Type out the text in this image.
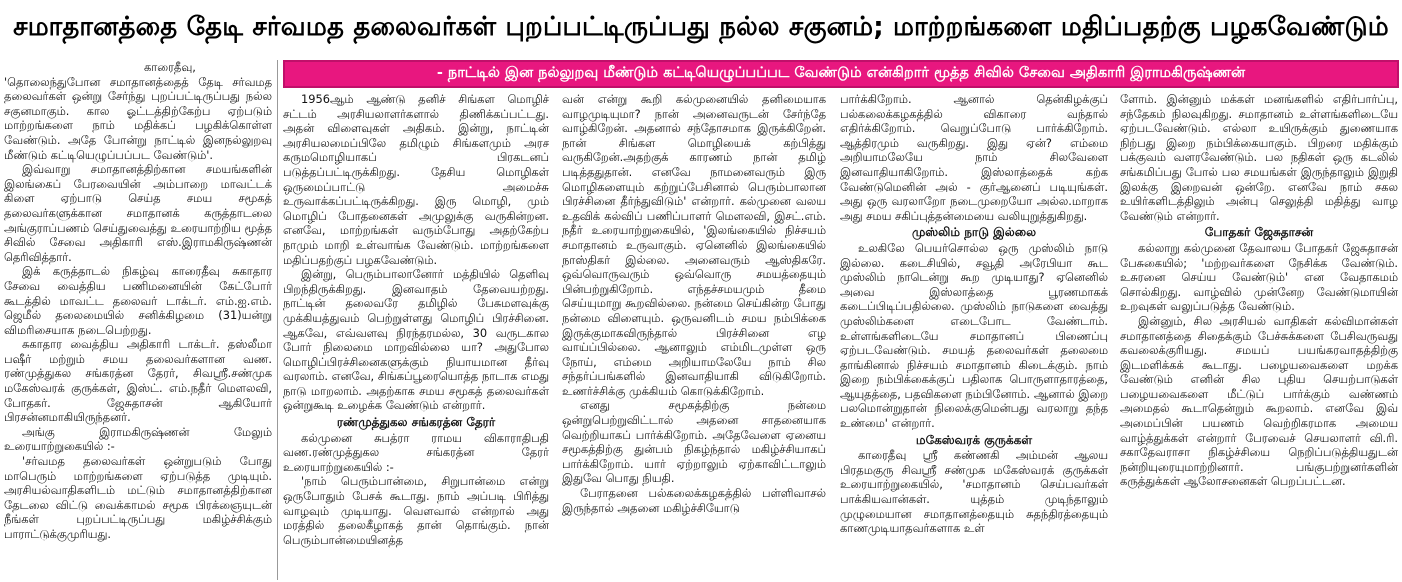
சமாதானத்தை தேடி சர்வமத தலைவர்கள் புறப்பட்டிருப்பது நல்ல சகுனம்; மாற்றங்களை மதிப்பதற்கு பழகவேண்டும்
- நாட்டில் இன நல்லுறவு மீண்டும் கட்டியெழுப்பப்பட வேண்டும் என்கிறார் மூத்த சிவில் சேவை அதிகாரி இராமகிருஷ்ணன்

காரைதீவு,

'தொலைந்துபோன சமாதானத்தைத் தேடி சர்வமத தலைவர்கள் ஒன்று சேர்ந்து புறப்பட்டிருப்பது நல்ல சகுனமாகும். கால ஓட்டத்திற்கேற்ப ஏற்படும் மாற்றங்களை நாம் மதிக்கப் பழகிக்கொள்ள வேண்டும். அதே போன்று நாட்டில் இனநல்லுறவு மீண்டும் கட்டியெழுப்பப்பட வேண்டும்'.

இவ்வாறு சமாதானத்திற்கான சமயங்களின் இலங்கைப் பேரவையின் அம்பாறை மாவட்டக் கிளை ஏற்பாடு செய்த சமய சமூகத் தலைவர்களுக்கான சமாதானக் கருத்தாடலை அங்குராப்பணம் செய்துவைத்து உரையாற்றிய மூத்த சிவில் சேவை அதிகாரி எஸ்.இராமகிருஷ்ணன் தெரிவித்தார்.

இக் கருத்தாடல் நிகழ்வு காரைதீவு சுகாதார சேவை வைத்திய பணிமனையின் கேட்போர் கூடத்தில் மாவட்ட தலைவர் டாக்டர். எம்.ஐ.எம். ஜெமீல் தலைமையில் சனிக்கிழமை (31)யன்று விமரிசையாக நடைபெற்றது.

சுகாதார வைத்திய அதிகாரி டாக்டர். தஸ்லீமா பஷீர் மற்றும் சமய தலைவர்களான வண. ரண்முத்துகல சங்கரத்ன தேரர், சிவஸ்ரீ.சண்முக மகேஸ்வரக் குருக்கள், இஸ்ட். எம்.நதீர் மௌலவி, போதகர். ஜேசுதாசன் ஆகியோர் பிரசன்னமாகியிருந்தனர்.

அங்கு இராமகிருஷ்ணன் மேலும் உரையாற்றுகையில் :-

'சர்வமத தலைவர்கள் ஒன்றுபடும் போது மாபெரும் மாற்றங்களை ஏற்படுத்த முடியும். அரசியல்வாதிகளிடம் மட்டும் சமாதானத்திற்கான தேடலை விட்டு வைக்காமல் சமூக பிரக்ஞையுடன் நீங்கள் புறப்பட்டிருப்பது மகிழ்ச்சிக்கும் பாராட்டுக்குமுரியது.

1956ஆம் ஆண்டு தனிச் சிங்கள மொழிச் சட்டம் அரசியலாளர்களால் திணிக்கப்பட்டது. அதன் விளைவுகள் அதிகம். இன்று, நாட்டின் அரசியலமைப்பிலே தமிழும் சிங்களமும் அரச கருமமொழியாகப் பிரகடனப் படுத்தப்பட்டிருக்கிறது. தேசிய மொழிகள் ஒருமைப்பாட்டு அமைச்சு உருவாக்கப்பட்டிருக்கிறது. இரு மொழி, மும் மொழிப் போதனைகள் அமுலுக்கு வருகின்றன. எனவே, மாற்றங்கள் வரும்போது அதற்கேற்ப நாமும் மாறி உள்வாங்க வேண்டும். மாற்றங்களை மதிப்பதற்குப் பழகவேண்டும்.

இன்று, பெரும்பாலானோர் மத்தியில் தெளிவு பிறந்திருக்கிறது. இனவாதம் தேவையற்றது. நாட்டின் தலைவரே தமிழில் பேசுமளவுக்கு முக்கியத்துவம் பெற்றுள்ளது மொழிப் பிரச்சினை. ஆகவே, எவ்வளவு நிரந்தரமல்ல, 30 வருடகால போர் நிலைமை மாறவில்லை யா? அதுபோல மொழிப்பிரச்சினைகளுக்கும் நியாயமான தீர்வு வரலாம். எனவே, சிங்கப்பூரையொத்த நாடாக எமது நாடு மாறலாம். அதற்காக சமய சமூகத் தலைவர்கள் ஒன்றுகூடி உழைக்க வேண்டும் என்றார்.

ரண்முத்துகல சங்கரத்ன தேரர்

கல்முனை சுபத்ரா ராமய விகாராதிபதி வண.ரண்முத்துகல சங்கரத்ன தேரர் உரையாற்றுகையில் :-

'நாம் பெரும்பான்மை, சிறுபான்மை என்று ஒருபோதும் பேசக் கூடாது. நாம் அப்படி பிரித்து வாழவும் முடியாது. வெளவால் என்றால் அது மரத்தில் தலைகீழாகத் தான் தொங்கும். நான் பெரும்பான்மையினத்த

வன் என்று கூறி கல்முனையில் தனிமையாக வாழமுடியுமா? நான் அனைவருடன் சேர்ந்தே வாழ்கிறேன். அதனால் சந்தோசமாக இருக்கிறேன். நான் சிங்கள மொழியைக் கற்பித்து வருகிறேன்.அதற்குக் காரணம் நான் தமிழ் படித்ததுதான். எனவே நாமனைவரும் இரு மொழிகளையும் கற்றுப்பேசினால் பெரும்பாலான பிரச்சினை தீர்ந்துவிடும்' என்றார். கல்முனை வலய உதவிக் கல்விப் பணிப்பாளர் மௌலவி, இசட்.எம். நதீர் உரையாற்றுகையில், 'இலங்கையில் நிச்சயம் சமாதானம் உருவாகும். ஏனெனில் இலங்கையில் நாஸ்திகர் இல்லை. அனைவரும் ஆஸ்திகரே. ஒவ்வொருவரும் ஒவ்வொரு சமயத்தையும் பின்பற்றுகிறோம். எந்தச்சமயமும் தீமை செய்யுமாறு கூறவில்லை. நன்மை செய்கின்ற போது நன்மை விளையும். ஒருவனிடம் சமய நம்பிக்கை இருக்குமாகவிருந்தால் பிரச்சினை எழ வாய்ப்பில்லை. ஆனாலும் எம்மிடமுள்ள ஒரு நோய், எம்மை அறியாமலேயே நாம் சில சந்தர்ப்பங்களில் இனவாதியாகி விடுகிறோம். உணர்ச்சிக்கு முக்கியம் கொடுக்கிறோம்.

எனது சமூகத்திற்கு நன்மை ஒன்றுபெற்றுவிட்டால் அதனை சாதனையாக வெற்றியாகப் பார்க்கிறோம். அதேவேளை ஏனைய சமூகத்திற்கு துன்பம் நிகழ்ந்தால் மகிழ்ச்சியாகப் பார்க்கிறோம். யார் ஏற்றாலும் ஏற்காவிட்டாலும் இதுவே பொது நியதி.

பேராதனை பல்கலைக்கழகத்தில் பள்ளிவாசல் இருந்தால் அதனை மகிழ்ச்சியோடு

பார்க்கிறோம். ஆனால் தென்கிழக்குப் பல்கலைக்கழகத்தில் விகாரை வந்தால் எதிர்க்கிறோம். வெறுப்போடு பார்க்கிறோம். ஆத்திரமும் வருகிறது. இது ஏன்? எம்மை அறியாமலேயே நாம் சிலவேளை இனவாதியாகிறோம். இஸ்லாத்தைக் கற்க வேண்டுமெனின் அல் - குர்ஆனைப் படியுங்கள். அது ஒரு வரலாறோ நடைமுறையோ அல்ல.மாறாக அது சமய சகிப்புத்தன்மையை வலியுறுத்துகிறது.

முஸ்லிம் நாடு இல்லை

உலகிலே பெயர்சொல்ல ஒரு முஸ்லிம் நாடு இல்லை. கடைசியில், சவூதி அரேபியா கூட முஸ்லிம் நாடென்று கூற முடியாது? ஏனெனில் அவை இஸ்லாத்தை பூரணமாகக் கடைப்பிடிப்பதில்லை. முஸ்லிம் நாடுகளை வைத்து முஸ்லிம்களை எடைபோட வேண்டாம். உள்ளங்களிடையே சமாதானப் பிணைப்பு ஏற்படவேண்டும். சமயத் தலைவர்கள் தலைமை தாங்கினால் நிச்சயம் சமாதானம் கிடைக்கும். நாம் இறை நம்பிக்கைக்குப் பதிலாக பொருளாதாரத்தை, ஆயுதத்தை, பதவிகளை நம்பினோம். ஆனால் இறை பலமொன்றுதான் நிலைக்குமென்பது வரலாறு தந்த உண்மை' என்றார்.

மகேஸ்வரக் குருக்கள்

காரைதீவு ஸ்ரீ கண்ணகி அம்மன் ஆலய பிரதமகுரு சிவஸ்ரீ சண்முக மகேஸ்வரக் குருக்கள் உரையாற்றுகையில், 'சமாதானம் செய்பவர்கள் பாக்கியவான்கள். யுத்தம் முடிந்தாலும் முழுமையான சமாதானத்தையும் சுதந்திரத்தையும் காணமுடியாதவர்களாக உள்

ளோம். இன்னும் மக்கள் மனங்களில் எதிர்பார்ப்பு, சந்தேகம் நிலவுகிறது. சமாதானம் உள்ளங்களிடையே ஏற்படவேண்டும். எல்லா உயிருக்கும் துணையாக நிற்பது இறை நம்பிக்கையாகும். பிறரை மதிக்கும் பக்குவம் வளரவேண்டும். பல நதிகள் ஒரு கடலில் சங்கமிப்பது போல் பல சமயங்கள் இருந்தாலும் இறுதி இலக்கு இறைவன் ஒன்றே. எனவே நாம் சகல உயிர்களிடத்திலும் அன்பு செலுத்தி மதித்து வாழ வேண்டும் என்றார்.

போதகர் ஜேசுதாசன்

கல்லாறு கல்முனை தேவாலய போதகர் ஜேசுதாசன் பேசுகையில்; 'மற்றவர்களை நேசிக்க வேண்டும். உசுரனை செய்ய வேண்டும்' என வேதாகமம் சொல்கிறது. வாழ்வில் முன்னேற வேண்டுமாயின் உறவுகள் வலுப்படுத்த வேண்டும்.

இன்னும், சில அரசியல் வாதிகள் கல்விமான்கள் சமாதானத்தை சிதைக்கும் பேச்சுக்களை பேசிவருவது கவலைக்குரியது. சமயப் பயங்கரவாதத்திற்கு இடமளிக்கக் கூடாது. பழையவைகளை மறக்க வேண்டும் எனின் சில புதிய செயற்பாடுகள் பழையவைகளை மீட்டுப் பார்க்கும் வண்ணம் அமைதல் கூடாதென்றும் கூறலாம். எனவே இவ் அமைப்பின் பயணம் வெற்றிகரமாக அமைய வாழ்த்துக்கள் என்றார் பேரவைச் செயலாளர் வி.ரி. சகாதேவராசா நிகழ்ச்சியை நெறிப்படுத்தியதுடன் நன்றியுரையுமாற்றினார். பங்குபற்றுனர்களின் கருத்துக்கள் ஆலோசனைகள் பெறப்பட்டன.
